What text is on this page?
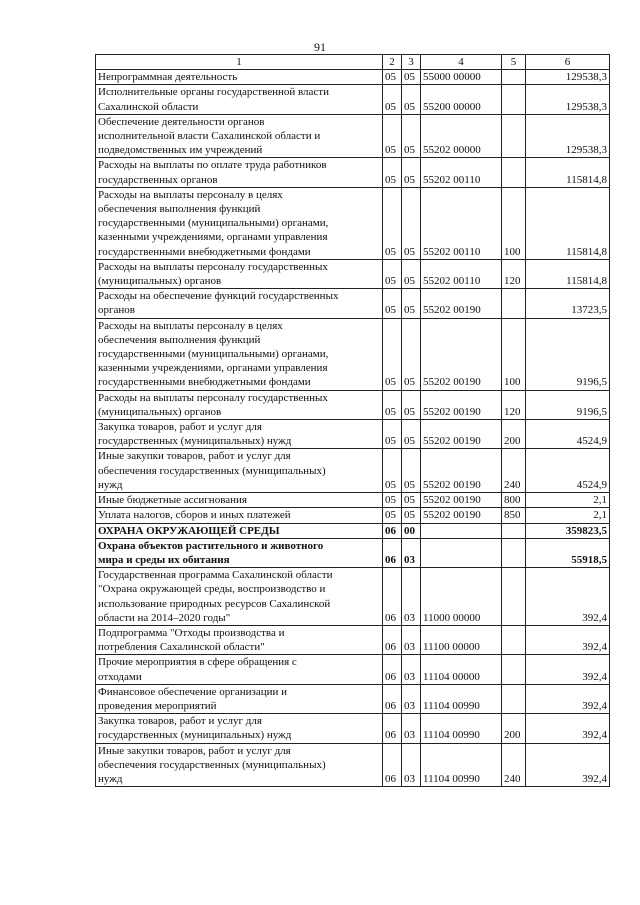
91
1	2	3	4	5	6

Непрограммная деятельность	05	05	55000 00000		129538,3

Исполнительные органы государственной власти
Сахалинской области	05	05	55200 00000		129538,3

Обеспечение деятельности органов
исполнительной власти Сахалинской области и
подведомственных им учреждений	05	05	55202 00000		129538,3

Расходы на выплаты по оплате труда работников
государственных органов	05	05	55202 00110		115814,8

Расходы на выплаты персоналу в целях
обеспечения выполнения функций
государственными (муниципальными) органами,
казенными учреждениями, органами управления
государственными внебюджетными фондами	05	05	55202 00110	100	115814,8

Расходы на выплаты персоналу государственных
(муниципальных) органов	05	05	55202 00110	120	115814,8

Расходы на обеспечение функций государственных
органов	05	05	55202 00190		13723,5

Расходы на выплаты персоналу в целях
обеспечения выполнения функций
государственными (муниципальными) органами,
казенными учреждениями, органами управления
государственными внебюджетными фондами	05	05	55202 00190	100	9196,5

Расходы на выплаты персоналу государственных
(муниципальных) органов	05	05	55202 00190	120	9196,5

Закупка товаров, работ и услуг для
государственных (муниципальных) нужд	05	05	55202 00190	200	4524,9

Иные закупки товаров, работ и услуг для
обеспечения государственных (муниципальных)
нужд	05	05	55202 00190	240	4524,9

Иные бюджетные ассигнования	05	05	55202 00190	800	2,1

Уплата налогов, сборов и иных платежей	05	05	55202 00190	850	2,1

ОХРАНА ОКРУЖАЮЩЕЙ СРЕДЫ	06	00			359823,5

Охрана объектов растительного и животного
мира и среды их обитания	06	03			55918,5

Государственная программа Сахалинской области
"Охрана окружающей среды, воспроизводство и
использование природных ресурсов Сахалинской
области на 2014–2020 годы"	06	03	11000 00000		392,4

Подпрограмма "Отходы производства и
потребления Сахалинской области"	06	03	11100 00000		392,4

Прочие мероприятия в сфере обращения с
отходами	06	03	11104 00000		392,4

Финансовое обеспечение организации и
проведения мероприятий	06	03	11104 00990		392,4

Закупка товаров, работ и услуг для
государственных (муниципальных) нужд	06	03	11104 00990	200	392,4

Иные закупки товаров, работ и услуг для
обеспечения государственных (муниципальных)
нужд	06	03	11104 00990	240	392,4
